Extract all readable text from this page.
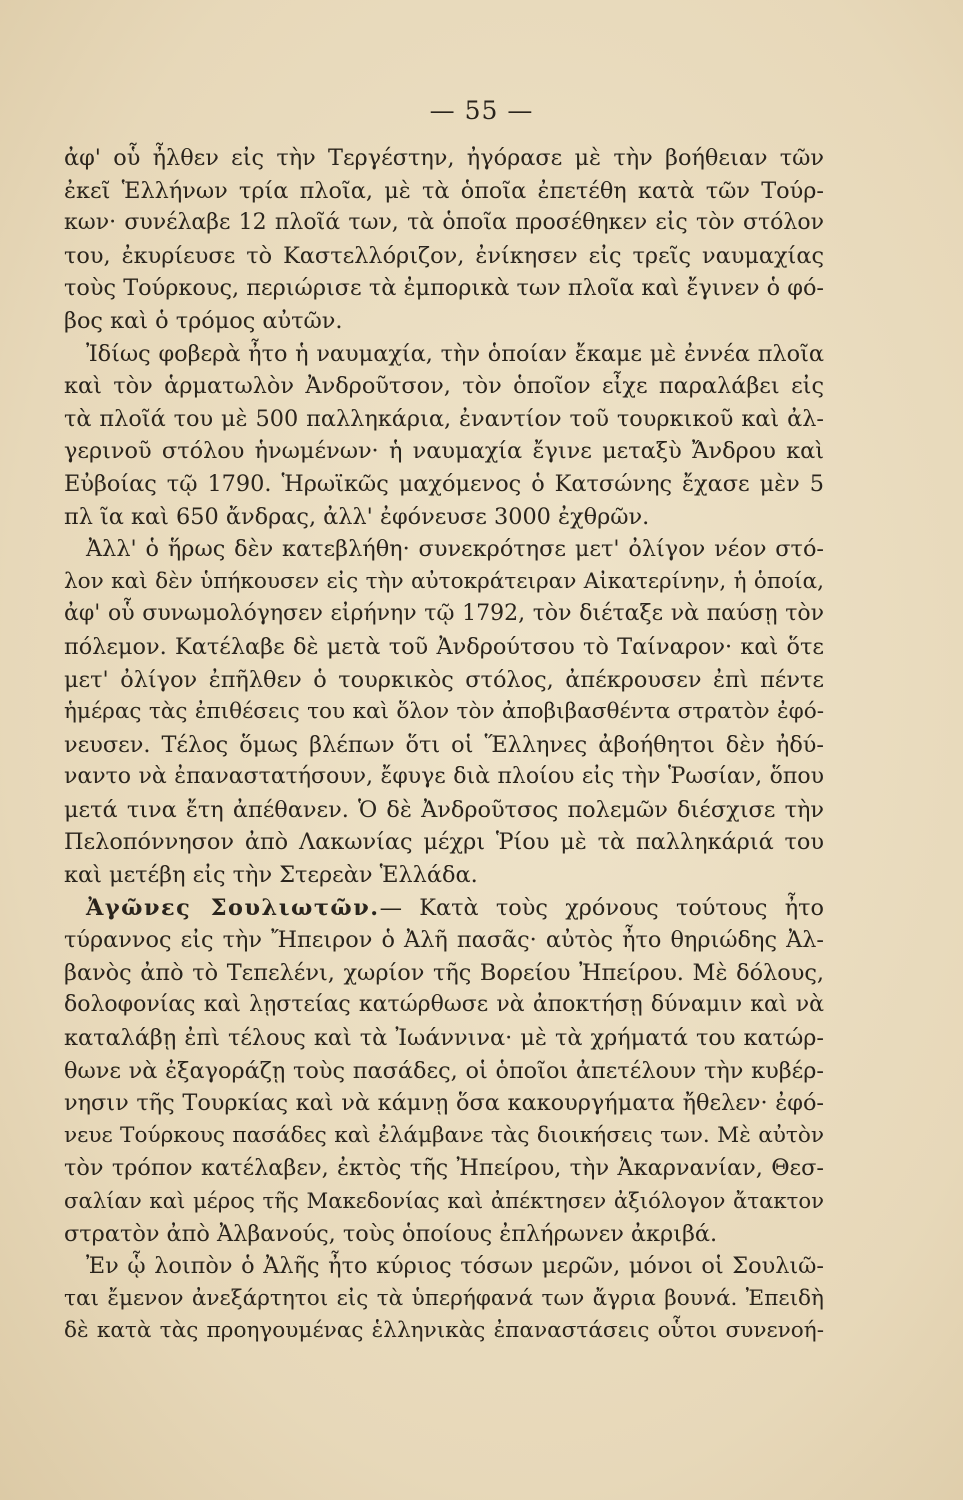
— 55 —
ἀφ' οὗ ἦλθεν εἰς τὴν Τεργέστην, ἠγόρασε μὲ τὴν βοήθειαν τῶν
ἐκεῖ Ἑλλήνων τρία πλοῖα, μὲ τὰ ὁποῖα ἐπετέθη κατὰ τῶν Τούρ-
κων· συνέλαβε 12 πλοῖά των, τὰ ὁποῖα προσέθηκεν εἰς τὸν στόλον
του, ἐκυρίευσε τὸ Καστελλόριζον, ἐνίκησεν εἰς τρεῖς ναυμαχίας
τοὺς Τούρκους, περιώρισε τὰ ἐμπορικὰ των πλοῖα καὶ ἔγινεν ὁ φό-
βος καὶ ὁ τρόμος αὐτῶν.
Ἰδίως φοβερὰ ἦτο ἡ ναυμαχία, τὴν ὁποίαν ἔκαμε μὲ ἐννέα πλοῖα
καὶ τὸν ἁρματωλὸν Ἀνδροῦτσον, τὸν ὁποῖον εἶχε παραλάβει εἰς
τὰ πλοῖά του μὲ 500 παλληκάρια, ἐναντίον τοῦ τουρκικοῦ καὶ ἀλ-
γερινοῦ στόλου ἡνωμένων· ἡ ναυμαχία ἔγινε μεταξὺ Ἄνδρου καὶ
Εὐβοίας τῷ 1790. Ἡρωϊκῶς μαχόμενος ὁ Κατσώνης ἔχασε μὲν 5
πλ ῖα καὶ 650 ἄνδρας, ἀλλ' ἐφόνευσε 3000 ἐχθρῶν.
Ἀλλ' ὁ ἥρως δὲν κατεβλήθη· συνεκρότησε μετ' ὀλίγον νέον στό-
λον καὶ δὲν ὑπήκουσεν εἰς τὴν αὐτοκράτειραν Αἰκατερίνην, ἡ ὁποία,
ἀφ' οὗ συνωμολόγησεν εἰρήνην τῷ 1792, τὸν διέταξε νὰ παύσῃ τὸν
πόλεμον. Κατέλαβε δὲ μετὰ τοῦ Ἀνδρούτσου τὸ Ταίναρον· καὶ ὅτε
μετ' ὀλίγον ἐπῆλθεν ὁ τουρκικὸς στόλος, ἀπέκρουσεν ἐπὶ πέντε
ἡμέρας τὰς ἐπιθέσεις του καὶ ὅλον τὸν ἀποβιβασθέντα στρατὸν ἐφό-
νευσεν. Τέλος ὅμως βλέπων ὅτι οἱ Ἕλληνες ἀβοήθητοι δὲν ἠδύ-
ναντο νὰ ἐπαναστατήσουν, ἔφυγε διὰ πλοίου εἰς τὴν Ῥωσίαν, ὅπου
μετά τινα ἔτη ἀπέθανεν. Ὁ δὲ Ἀνδροῦτσος πολεμῶν διέσχισε τὴν
Πελοπόννησον ἀπὸ Λακωνίας μέχρι Ῥίου μὲ τὰ παλληκάριά του
καὶ μετέβη εἰς τὴν Στερεὰν Ἑλλάδα.
Ἀγῶνες Σουλιωτῶν.— Κατὰ τοὺς χρόνους τούτους ἦτο
τύραννος εἰς τὴν Ἤπειρον ὁ Ἀλῆ πασᾶς· αὐτὸς ἦτο θηριώδης Ἀλ-
βανὸς ἀπὸ τὸ Τεπελένι, χωρίον τῆς Βορείου Ἠπείρου. Μὲ δόλους,
δολοφονίας καὶ λῃστείας κατώρθωσε νὰ ἀποκτήσῃ δύναμιν καὶ νὰ
καταλάβῃ ἐπὶ τέλους καὶ τὰ Ἰωάννινα· μὲ τὰ χρήματά του κατώρ-
θωνε νὰ ἐξαγοράζῃ τοὺς πασάδες, οἱ ὁποῖοι ἀπετέλουν τὴν κυβέρ-
νησιν τῆς Τουρκίας καὶ νὰ κάμνῃ ὅσα κακουργήματα ἤθελεν· ἐφό-
νευε Τούρκους πασάδες καὶ ἐλάμβανε τὰς διοικήσεις των. Μὲ αὐτὸν
τὸν τρόπον κατέλαβεν, ἐκτὸς τῆς Ἠπείρου, τὴν Ἀκαρνανίαν, Θεσ-
σαλίαν καὶ μέρος τῆς Μακεδονίας καὶ ἀπέκτησεν ἀξιόλογον ἄτακτον
στρατὸν ἀπὸ Ἀλβανούς, τοὺς ὁποίους ἐπλήρωνεν ἀκριβά.
Ἐν ᾧ λοιπὸν ὁ Ἀλῆς ἦτο κύριος τόσων μερῶν, μόνοι οἱ Σουλιῶ-
ται ἔμενον ἀνεξάρτητοι εἰς τὰ ὑπερήφανά των ἄγρια βουνά. Ἐπειδὴ
δὲ κατὰ τὰς προηγουμένας ἑλληνικὰς ἐπαναστάσεις οὗτοι συνενοή-
